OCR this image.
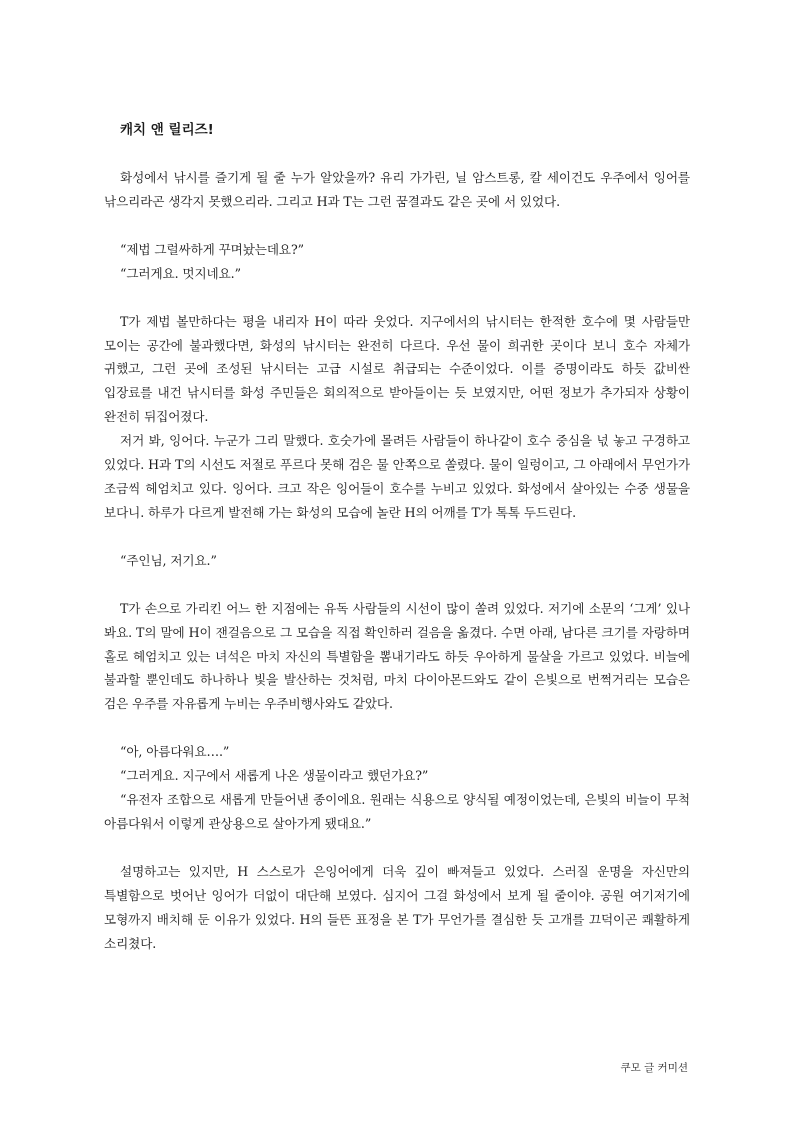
캐치 앤 릴리즈!

화성에서 낚시를 즐기게 될 줄 누가 알았을까? 유리 가가린, 닐 암스트롱, 칼 세이건도 우주에서 잉어를 낚으리라곤 생각지 못했으리라. 그리고 H과 T는 그런 꿈결과도 같은 곳에 서 있었다.

“제법 그럴싸하게 꾸며놨는데요?”

“그러게요. 멋지네요.”

T가 제법 볼만하다는 평을 내리자 H이 따라 웃었다. 지구에서의 낚시터는 한적한 호수에 몇 사람들만 모이는 공간에 불과했다면, 화성의 낚시터는 완전히 다르다. 우선 물이 희귀한 곳이다 보니 호수 자체가 귀했고, 그런 곳에 조성된 낚시터는 고급 시설로 취급되는 수준이었다. 이를 증명이라도 하듯 값비싼 입장료를 내건 낚시터를 화성 주민들은 회의적으로 받아들이는 듯 보였지만, 어떤 정보가 추가되자 상황이 완전히 뒤집어졌다.

저거 봐, 잉어다. 누군가 그리 말했다. 호숫가에 몰려든 사람들이 하나같이 호수 중심을 넋 놓고 구경하고 있었다. H과 T의 시선도 저절로 푸르다 못해 검은 물 안쪽으로 쏠렸다. 물이 일렁이고, 그 아래에서 무언가가 조금씩 헤엄치고 있다. 잉어다. 크고 작은 잉어들이 호수를 누비고 있었다. 화성에서 살아있는 수중 생물을 보다니. 하루가 다르게 발전해 가는 화성의 모습에 놀란 H의 어깨를 T가 톡톡 두드린다.

“주인님, 저기요.”

T가 손으로 가리킨 어느 한 지점에는 유독 사람들의 시선이 많이 쏠려 있었다. 저기에 소문의 ‘그게’ 있나 봐요. T의 말에 H이 잰걸음으로 그 모습을 직접 확인하러 걸음을 옮겼다. 수면 아래, 남다른 크기를 자랑하며 홀로 헤엄치고 있는 녀석은 마치 자신의 특별함을 뽐내기라도 하듯 우아하게 물살을 가르고 있었다. 비늘에 불과할 뿐인데도 하나하나 빛을 발산하는 것처럼, 마치 다이아몬드와도 같이 은빛으로 번쩍거리는 모습은 검은 우주를 자유롭게 누비는 우주비행사와도 같았다.

“아, 아름다워요….”

“그러게요. 지구에서 새롭게 나온 생물이라고 했던가요?”

“유전자 조합으로 새롭게 만들어낸 종이에요. 원래는 식용으로 양식될 예정이었는데, 은빛의 비늘이 무척 아름다워서 이렇게 관상용으로 살아가게 됐대요.”

설명하고는 있지만, H 스스로가 은잉어에게 더욱 깊이 빠져들고 있었다. 스러질 운명을 자신만의 특별함으로 벗어난 잉어가 더없이 대단해 보였다. 심지어 그걸 화성에서 보게 될 줄이야. 공원 여기저기에 모형까지 배치해 둔 이유가 있었다. H의 들뜬 표정을 본 T가 무언가를 결심한 듯 고개를 끄덕이곤 쾌활하게 소리쳤다.

쿠모 글 커미션
